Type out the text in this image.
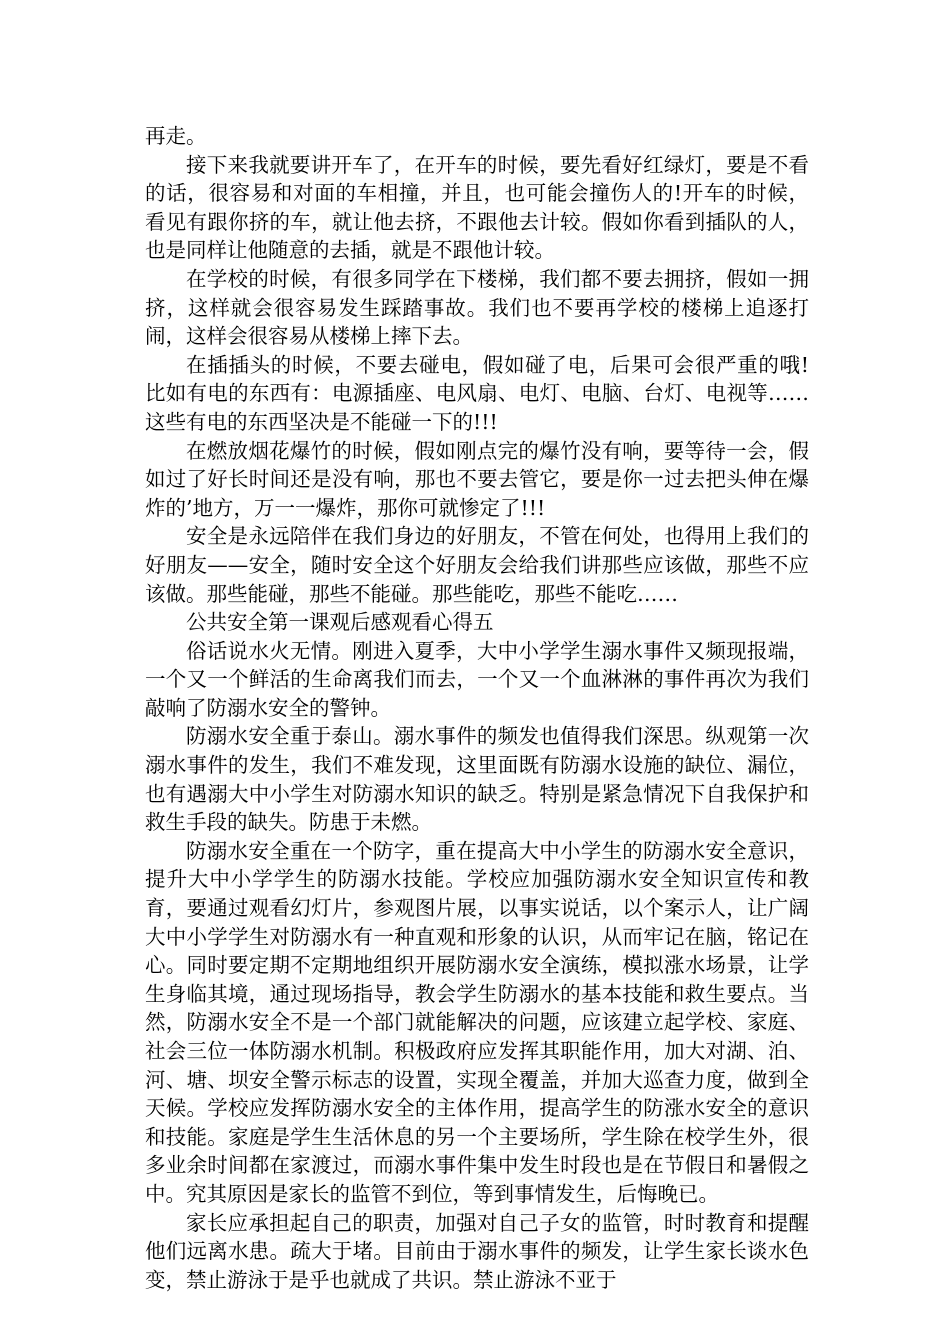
再走。

接下来我就要讲开车了，在开车的时候，要先看好红绿灯，要是不看的话，很容易和对面的车相撞，并且，也可能会撞伤人的!开车的时候，看见有跟你挤的车，就让他去挤，不跟他去计较。假如你看到插队的人，也是同样让他随意的去插，就是不跟他计较。

在学校的时候，有很多同学在下楼梯，我们都不要去拥挤，假如一拥挤，这样就会很容易发生踩踏事故。我们也不要再学校的楼梯上追逐打闹，这样会很容易从楼梯上摔下去。

在插插头的时候，不要去碰电，假如碰了电，后果可会很严重的哦!比如有电的东西有：电源插座、电风扇、电灯、电脑、台灯、电视等……这些有电的东西坚决是不能碰一下的!!!

在燃放烟花爆竹的时候，假如刚点完的爆竹没有响，要等待一会，假如过了好长时间还是没有响，那也不要去管它，要是你一过去把头伸在爆炸的’地方，万一一爆炸，那你可就惨定了!!!

安全是永远陪伴在我们身边的好朋友，不管在何处，也得用上我们的好朋友——安全，随时安全这个好朋友会给我们讲那些应该做，那些不应该做。那些能碰，那些不能碰。那些能吃，那些不能吃……

公共安全第一课观后感观看心得五

俗话说水火无情。刚进入夏季，大中小学学生溺水事件又频现报端，一个又一个鲜活的生命离我们而去，一个又一个血淋淋的事件再次为我们敲响了防溺水安全的警钟。

防溺水安全重于泰山。溺水事件的频发也值得我们深思。纵观第一次溺水事件的发生，我们不难发现，这里面既有防溺水设施的缺位、漏位，也有遇溺大中小学生对防溺水知识的缺乏。特别是紧急情况下自我保护和救生手段的缺失。防患于未燃。

防溺水安全重在一个防字，重在提高大中小学生的防溺水安全意识，提升大中小学学生的防溺水技能。学校应加强防溺水安全知识宣传和教育，要通过观看幻灯片，参观图片展，以事实说话，以个案示人，让广阔大中小学学生对防溺水有一种直观和形象的认识，从而牢记在脑，铭记在心。同时要定期不定期地组织开展防溺水安全演练，模拟涨水场景，让学生身临其境，通过现场指导，教会学生防溺水的基本技能和救生要点。当然，防溺水安全不是一个部门就能解决的问题，应该建立起学校、家庭、社会三位一体防溺水机制。积极政府应发挥其职能作用，加大对湖、泊、河、塘、坝安全警示标志的设置，实现全覆盖，并加大巡查力度，做到全天候。学校应发挥防溺水安全的主体作用，提高学生的防涨水安全的意识和技能。家庭是学生生活休息的另一个主要场所，学生除在校学生外，很多业余时间都在家渡过，而溺水事件集中发生时段也是在节假日和暑假之中。究其原因是家长的监管不到位，等到事情发生，后悔晚已。

家长应承担起自己的职责，加强对自己子女的监管，时时教育和提醒他们远离水患。疏大于堵。目前由于溺水事件的频发，让学生家长谈水色变，禁止游泳于是乎也就成了共识。禁止游泳不亚于
